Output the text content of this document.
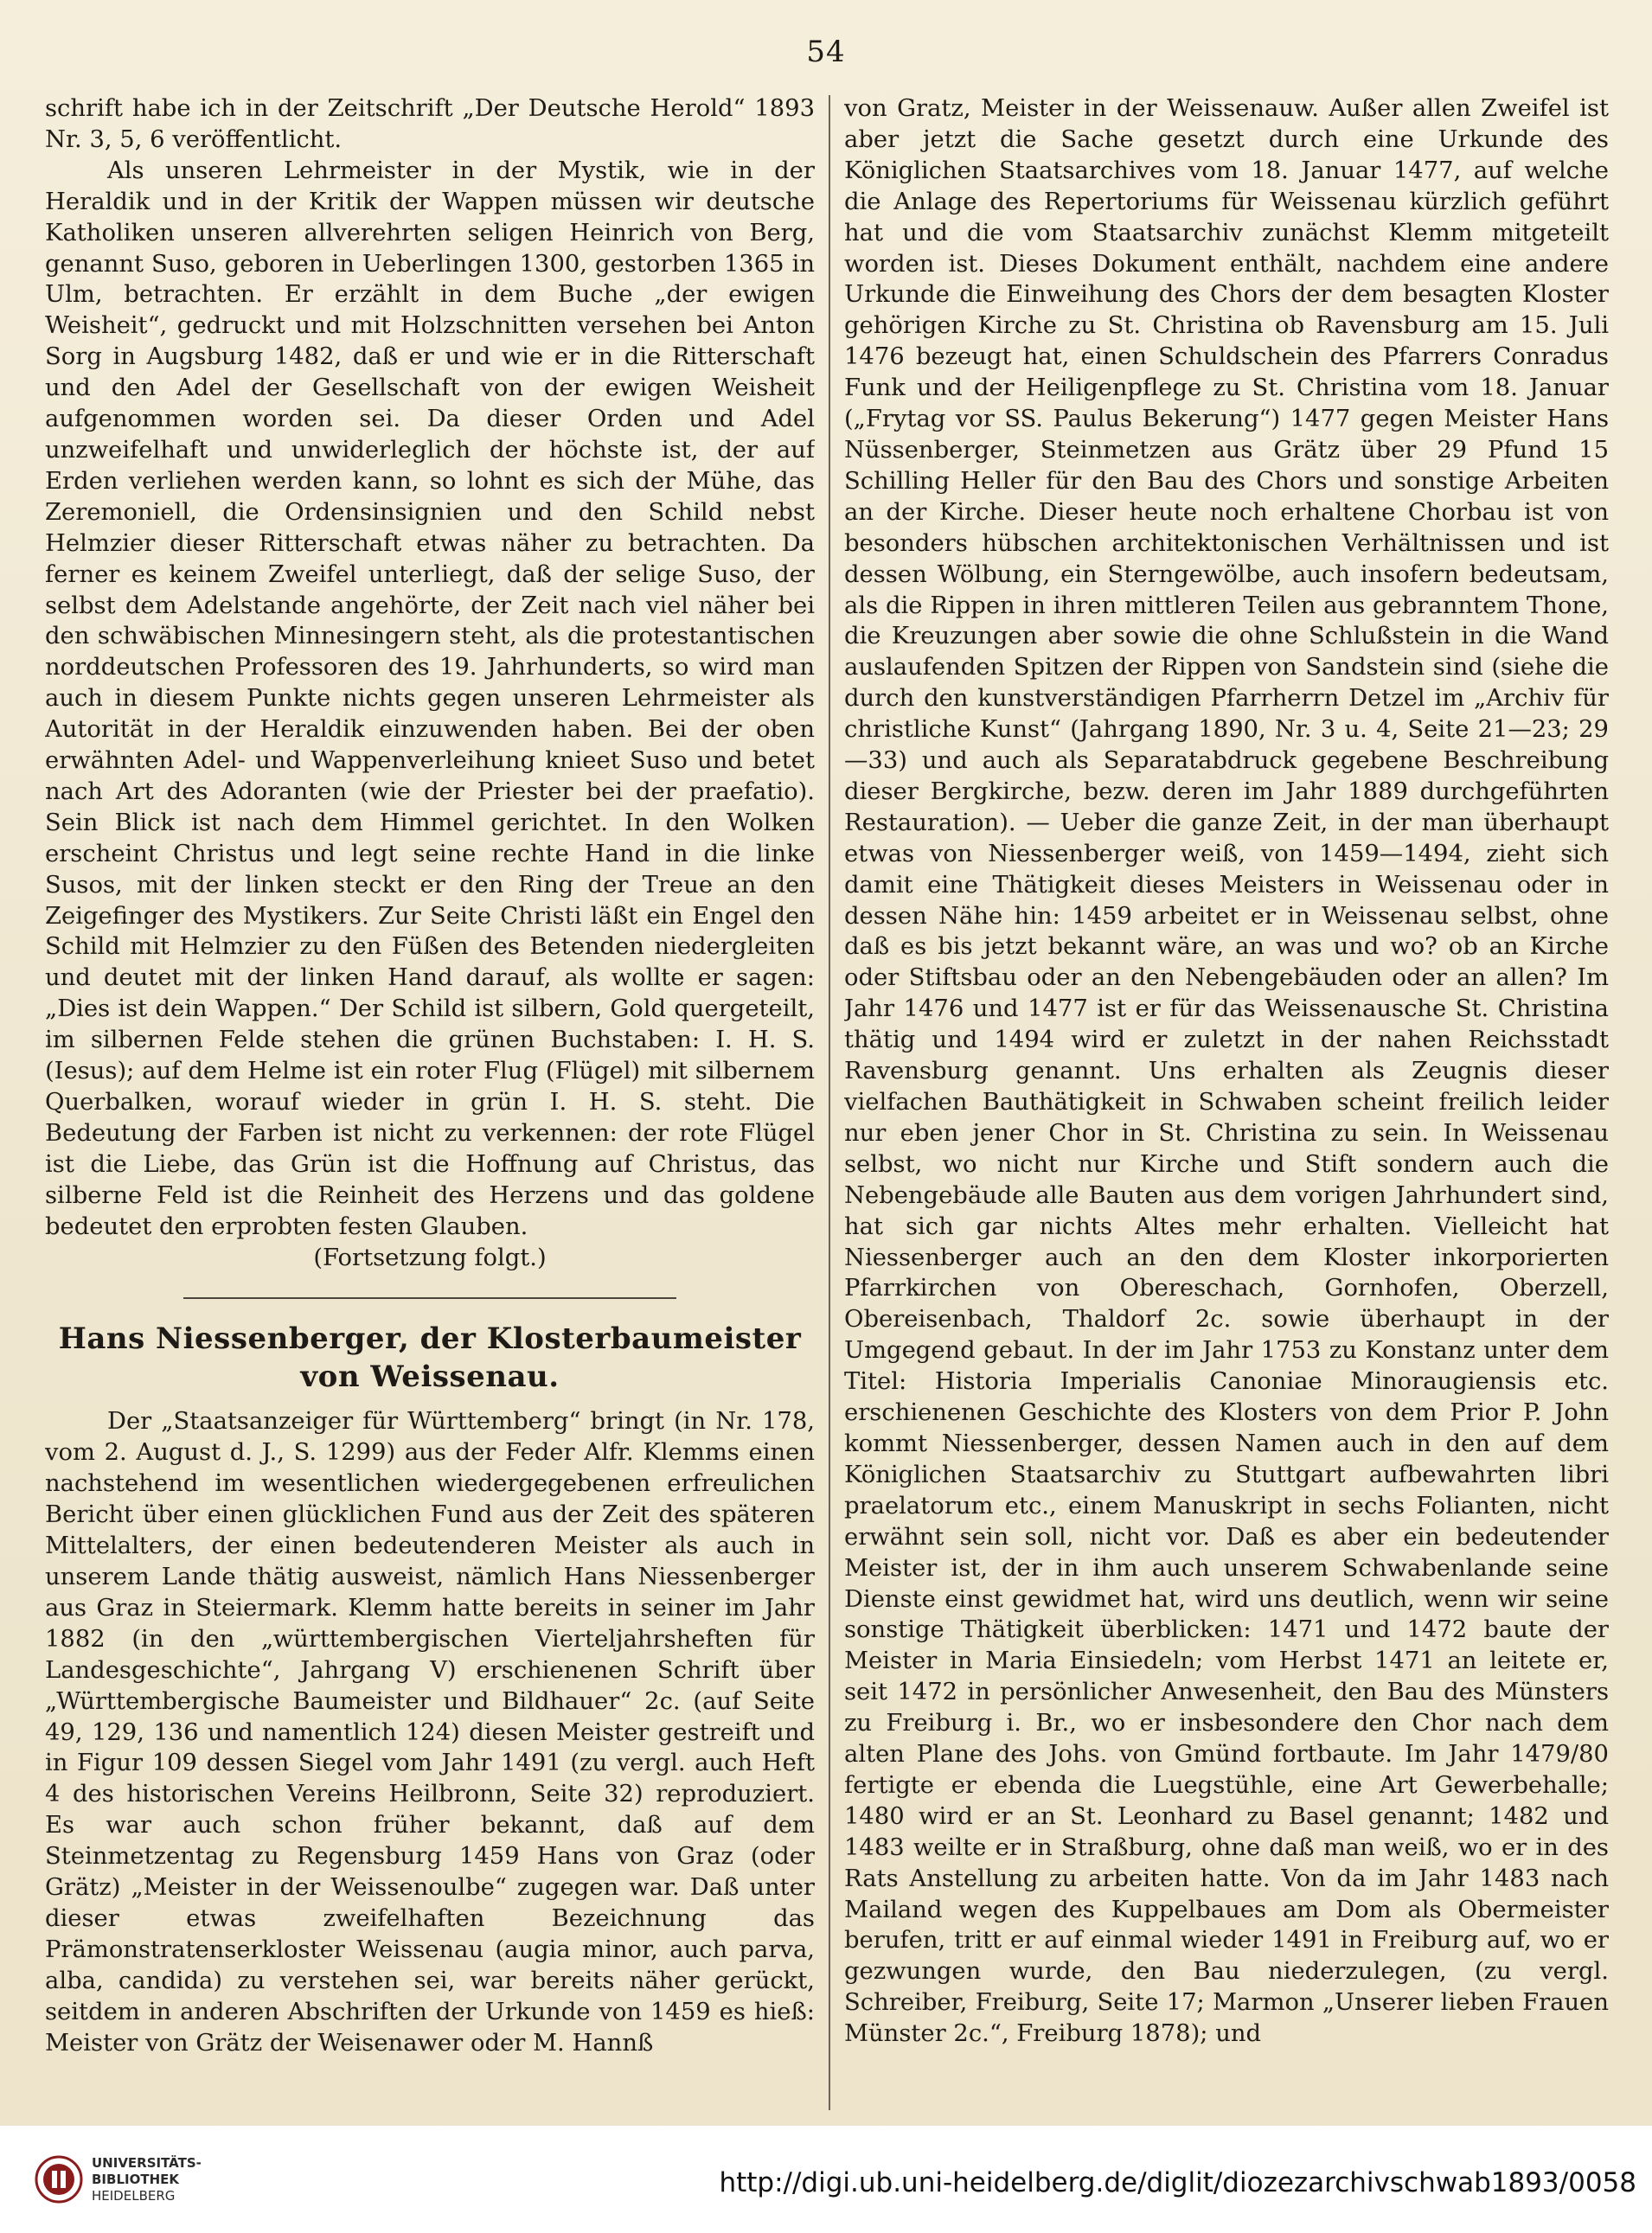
54

schrift habe ich in der Zeitschrift „Der Deutsche Herold“ 1893 Nr. 3, 5, 6 veröffentlicht.

Als unseren Lehrmeister in der Mystik, wie in der Heraldik und in der Kritik der Wappen müssen wir deutsche Katholiken unseren allverehrten seligen Heinrich von Berg, genannt Suso, geboren in Ueberlingen 1300, gestorben 1365 in Ulm, betrachten. Er erzählt in dem Buche „der ewigen Weisheit“, gedruckt und mit Holzschnitten versehen bei Anton Sorg in Augsburg 1482, daß er und wie er in die Ritterschaft und den Adel der Gesellschaft von der ewigen Weisheit aufgenommen worden sei. Da dieser Orden und Adel unzweifelhaft und unwiderleglich der höchste ist, der auf Erden verliehen werden kann, so lohnt es sich der Mühe, das Zeremoniell, die Ordensinsignien und den Schild nebst Helmzier dieser Ritterschaft etwas näher zu betrachten. Da ferner es keinem Zweifel unterliegt, daß der selige Suso, der selbst dem Adelstande angehörte, der Zeit nach viel näher bei den schwäbischen Minnesingern steht, als die protestantischen norddeutschen Professoren des 19. Jahrhunderts, so wird man auch in diesem Punkte nichts gegen unseren Lehrmeister als Autorität in der Heraldik einzuwenden haben. Bei der oben erwähnten Adel- und Wappenverleihung knieet Suso und betet nach Art des Adoranten (wie der Priester bei der praefatio). Sein Blick ist nach dem Himmel gerichtet. In den Wolken erscheint Christus und legt seine rechte Hand in die linke Susos, mit der linken steckt er den Ring der Treue an den Zeigefinger des Mystikers. Zur Seite Christi läßt ein Engel den Schild mit Helmzier zu den Füßen des Betenden niedergleiten und deutet mit der linken Hand darauf, als wollte er sagen: „Dies ist dein Wappen.“ Der Schild ist silbern, Gold quergeteilt, im silbernen Felde stehen die grünen Buchstaben: I. H. S. (Iesus); auf dem Helme ist ein roter Flug (Flügel) mit silbernem Querbalken, worauf wieder in grün I. H. S. steht. Die Bedeutung der Farben ist nicht zu verkennen: der rote Flügel ist die Liebe, das Grün ist die Hoffnung auf Christus, das silberne Feld ist die Reinheit des Herzens und das goldene bedeutet den erprobten festen Glauben.

(Fortsetzung folgt.)

Hans Niessenberger, der Klosterbaumeister von Weissenau.

Der „Staatsanzeiger für Württemberg“ bringt (in Nr. 178, vom 2. August d. J., S. 1299) aus der Feder Alfr. Klemms einen nachstehend im wesentlichen wiedergegebenen erfreulichen Bericht über einen glücklichen Fund aus der Zeit des späteren Mittelalters, der einen bedeutenderen Meister als auch in unserem Lande thätig ausweist, nämlich Hans Niessenberger aus Graz in Steiermark. Klemm hatte bereits in seiner im Jahr 1882 (in den „württembergischen Vierteljahrsheften für Landesgeschichte“, Jahrgang V) erschienenen Schrift über „Württembergische Baumeister und Bildhauer“ 2c. (auf Seite 49, 129, 136 und namentlich 124) diesen Meister gestreift und in Figur 109 dessen Siegel vom Jahr 1491 (zu vergl. auch Heft 4 des historischen Vereins Heilbronn, Seite 32) reproduziert. Es war auch schon früher bekannt, daß auf dem Steinmetzentag zu Regensburg 1459 Hans von Graz (oder Grätz) „Meister in der Weissenoulbe“ zugegen war. Daß unter dieser etwas zweifelhaften Bezeichnung das Prämonstratenserkloster Weissenau (augia minor, auch parva, alba, candida) zu verstehen sei, war bereits näher gerückt, seitdem in anderen Abschriften der Urkunde von 1459 es hieß: Meister von Grätz der Weisenawer oder M. Hannß

von Gratz, Meister in der Weissenauw. Außer allen Zweifel ist aber jetzt die Sache gesetzt durch eine Urkunde des Königlichen Staatsarchives vom 18. Januar 1477, auf welche die Anlage des Repertoriums für Weissenau kürzlich geführt hat und die vom Staatsarchiv zunächst Klemm mitgeteilt worden ist. Dieses Dokument enthält, nachdem eine andere Urkunde die Einweihung des Chors der dem besagten Kloster gehörigen Kirche zu St. Christina ob Ravensburg am 15. Juli 1476 bezeugt hat, einen Schuldschein des Pfarrers Conradus Funk und der Heiligenpflege zu St. Christina vom 18. Januar („Frytag vor SS. Paulus Bekerung“) 1477 gegen Meister Hans Nüssenberger, Steinmetzen aus Grätz über 29 Pfund 15 Schilling Heller für den Bau des Chors und sonstige Arbeiten an der Kirche. Dieser heute noch erhaltene Chorbau ist von besonders hübschen architektonischen Verhältnissen und ist dessen Wölbung, ein Sterngewölbe, auch insofern bedeutsam, als die Rippen in ihren mittleren Teilen aus gebranntem Thone, die Kreuzungen aber sowie die ohne Schlußstein in die Wand auslaufenden Spitzen der Rippen von Sandstein sind (siehe die durch den kunstverständigen Pfarrherrn Detzel im „Archiv für christliche Kunst“ (Jahrgang 1890, Nr. 3 u. 4, Seite 21—23; 29—33) und auch als Separatabdruck gegebene Beschreibung dieser Bergkirche, bezw. deren im Jahr 1889 durchgeführten Restauration). — Ueber die ganze Zeit, in der man überhaupt etwas von Niessenberger weiß, von 1459—1494, zieht sich damit eine Thätigkeit dieses Meisters in Weissenau oder in dessen Nähe hin: 1459 arbeitet er in Weissenau selbst, ohne daß es bis jetzt bekannt wäre, an was und wo? ob an Kirche oder Stiftsbau oder an den Nebengebäuden oder an allen? Im Jahr 1476 und 1477 ist er für das Weissenausche St. Christina thätig und 1494 wird er zuletzt in der nahen Reichsstadt Ravensburg genannt. Uns erhalten als Zeugnis dieser vielfachen Bauthätigkeit in Schwaben scheint freilich leider nur eben jener Chor in St. Christina zu sein. In Weissenau selbst, wo nicht nur Kirche und Stift sondern auch die Nebengebäude alle Bauten aus dem vorigen Jahrhundert sind, hat sich gar nichts Altes mehr erhalten. Vielleicht hat Niessenberger auch an den dem Kloster inkorporierten Pfarrkirchen von Obereschach, Gornhofen, Oberzell, Obereisenbach, Thaldorf 2c. sowie überhaupt in der Umgegend gebaut. In der im Jahr 1753 zu Konstanz unter dem Titel: Historia Imperialis Canoniae Minoraugiensis etc. erschienenen Geschichte des Klosters von dem Prior P. John kommt Niessenberger, dessen Namen auch in den auf dem Königlichen Staatsarchiv zu Stuttgart aufbewahrten libri praelatorum etc., einem Manuskript in sechs Folianten, nicht erwähnt sein soll, nicht vor. Daß es aber ein bedeutender Meister ist, der in ihm auch unserem Schwabenlande seine Dienste einst gewidmet hat, wird uns deutlich, wenn wir seine sonstige Thätigkeit überblicken: 1471 und 1472 baute der Meister in Maria Einsiedeln; vom Herbst 1471 an leitete er, seit 1472 in persönlicher Anwesenheit, den Bau des Münsters zu Freiburg i. Br., wo er insbesondere den Chor nach dem alten Plane des Johs. von Gmünd fortbaute. Im Jahr 1479/80 fertigte er ebenda die Luegstühle, eine Art Gewerbehalle; 1480 wird er an St. Leonhard zu Basel genannt; 1482 und 1483 weilte er in Straßburg, ohne daß man weiß, wo er in des Rats Anstellung zu arbeiten hatte. Von da im Jahr 1483 nach Mailand wegen des Kuppelbaues am Dom als Obermeister berufen, tritt er auf einmal wieder 1491 in Freiburg auf, wo er gezwungen wurde, den Bau niederzulegen, (zu vergl. Schreiber, Freiburg, Seite 17; Marmon „Unserer lieben Frauen Münster 2c.“, Freiburg 1878); und

UNIVERSITÄTS-
BIBLIOTHEK
HEIDELBERG	http://digi.ub.uni-heidelberg.de/diglit/diozezarchivschwab1893/0058
